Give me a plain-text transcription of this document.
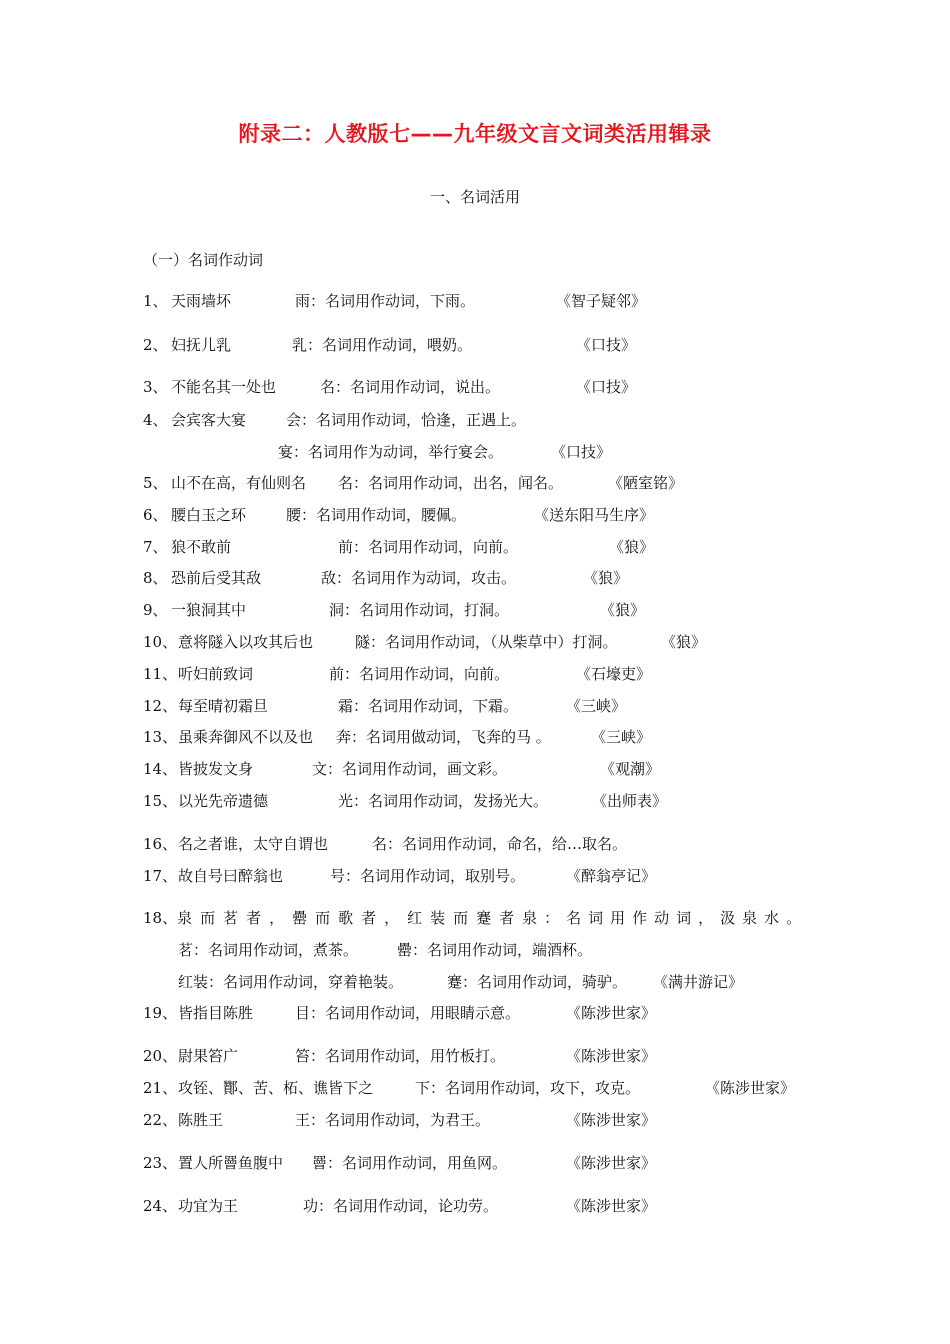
附录二：人教版七——九年级文言文词类活用辑录
一、名词活用
（一）名词作动词
1、 天雨墙坏	雨：名词用作动词，下雨。	《智子疑邻》
2、 妇抚儿乳	乳：名词用作动词，喂奶。	《口技》
3、 不能名其一处也	名：名词用作动词，说出。	《口技》
4、 会宾客大宴	会：名词用作动词，恰逢，正遇上。
宴：名词用作为动词，举行宴会。	《口技》
5、 山不在高，有仙则名 名：名词用作动词，出名，闻名。	《陋室铭》
6、 腰白玉之环	腰：名词用作动词，腰佩。	《送东阳马生序》
7、 狼不敢前	前：名词用作动词，向前。	《狼》
8、 恐前后受其敌	敌：名词用作为动词，攻击。	《狼》
9、 一狼洞其中	洞：名词用作动词，打洞。	《狼》
10、 意将隧入以攻其后也	隧：名词用作动词，（从柴草中）打洞。	《狼》
11、 听妇前致词	前：名词用作动词，向前。	《石壕吏》
12、 每至晴初霜旦	霜：名词用作动词，下霜。	《三峡》
13、 虽乘奔御风不以及也 奔：名词用做动词，飞奔的马 。	《三峡》
14、 皆披发文身	文：名词用作动词，画文彩。	《观潮》
15、 以光先帝遗德	光：名词用作动词，发扬光大。	《出师表》
16、 名之者谁，太守自谓也	名：名词用作动词，命名，给…取名。
17、 故自号曰醉翁也	号：名词用作动词，取别号。	《醉翁亭记》
18、 泉而茗者，罍而歌者，红装而蹇者 泉：名词用作动词，汲泉水。
茗：名词用作动词，煮茶。	罍：名词用作动词，端酒杯。
红装：名词用作动词，穿着艳装。	蹇：名词用作动词，骑驴。 《满井游记》
19、 皆指目陈胜	目：名词用作动词，用眼睛示意。	《陈涉世家》
20、 尉果笞广	笞：名词用作动词，用竹板打。	《陈涉世家》
21、 攻铚、酇、苦、柘、谯皆下之	下：名词用作动词，攻下，攻克。	《陈涉世家》
22、 陈胜王	王：名词用作动词，为君王。	《陈涉世家》
23、 置人所罾鱼腹中 罾：名词用作动词，用鱼网。	《陈涉世家》
24、 功宜为王	功：名词用作动词，论功劳。	《陈涉世家》
